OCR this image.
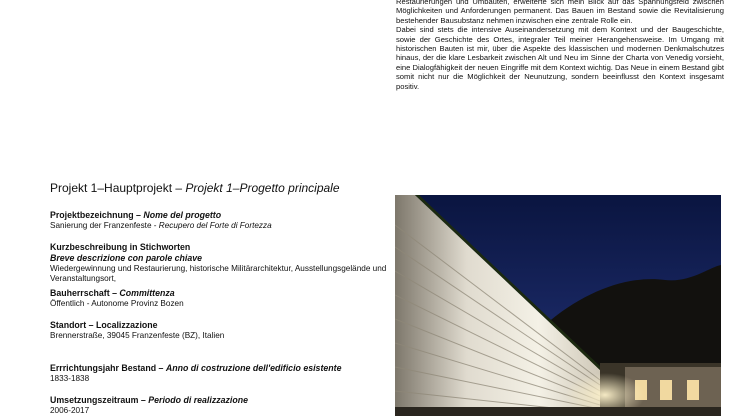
Restaurierungen und Umbauten, erweiterte sich mein Blick auf das Spannungsfeld zwischen Möglichkeiten und Anforderungen permanent. Das Bauen im Bestand sowie die Revitalisierung bestehender Bausubstanz nehmen inzwischen eine zentrale Rolle ein.

Dabei sind stets die intensive Auseinandersetzung mit dem Kontext und der Baugeschichte, sowie der Geschichte des Ortes, integraler Teil meiner Herangehensweise. Im Umgang mit historischen Bauten ist mir, über die Aspekte des klassischen und modernen Denkmalschutzes hinaus, der die klare Lesbarkeit zwischen Alt und Neu im Sinne der Charta von Venedig vorsieht, eine Dialogfähigkeit der neuen Eingriffe mit dem Kontext wichtig. Das Neue in einem Bestand gibt somit nicht nur die Möglichkeit der Neunutzung, sondern beeinflusst den Kontext insgesamt positiv.

Projekt 1–Hauptprojekt – Projekt 1–Progetto principale
Projektbezeichnung – Nome del progetto
Sanierung der Franzenfeste - Recupero del Forte di Fortezza
Kurzbeschreibung in Stichworten
Breve descrizione con parole chiave
Wiedergewinnung und Restaurierung, historische Militärarchitektur, Ausstellungsgelände und Veranstaltungsort,
Bauherrschaft – Committenza
Öffentlich - Autonome Provinz Bozen
Standort – Localizzazione
Brennerstraße, 39045 Franzenfeste (BZ), Italien
Errrichtungsjahr Bestand – Anno di costruzione dell'edificio esistente
1833-1838
Umsetzungszeitraum – Periodo di realizzazione
2006-2017
